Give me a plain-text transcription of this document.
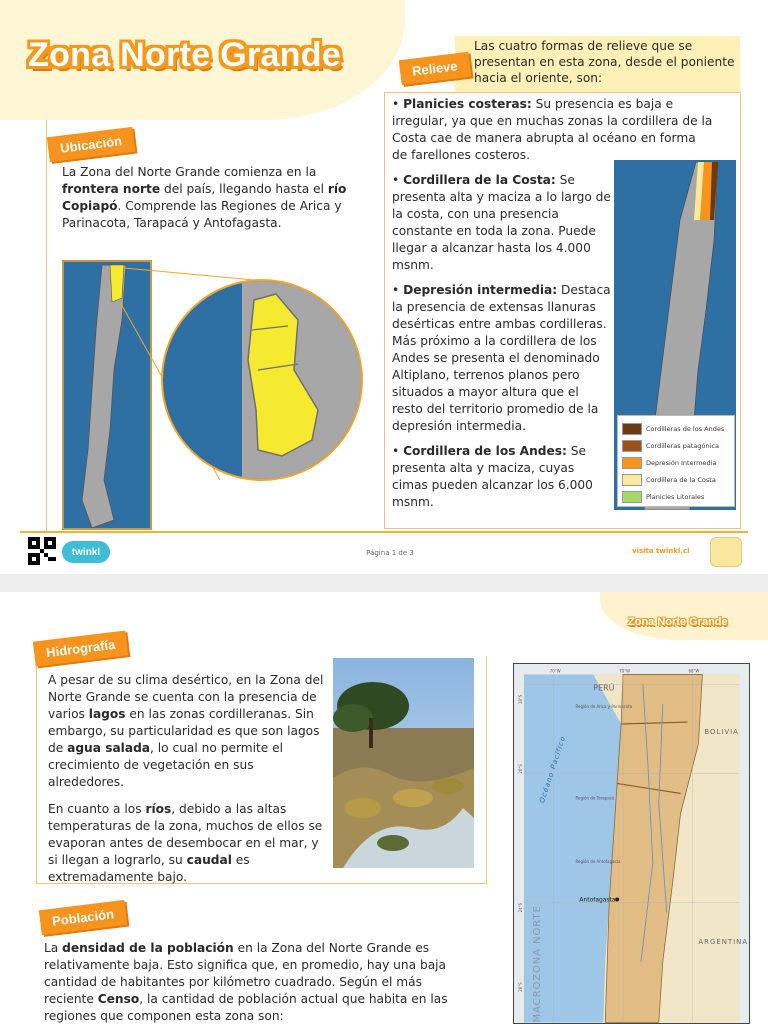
Zona Norte Grande
Ubicación
La Zona del Norte Grande comienza en la frontera norte del país, llegando hasta el río Copiapó. Comprende las Regiones de Arica y Parinacota, Tarapacá y Antofagasta.
Relieve
Las cuatro formas de relieve que se presentan en esta zona, desde el poniente hacia el oriente, son:
• Planicies costeras: Su presencia es baja e irregular, ya que en muchas zonas la cordillera de la Costa cae de manera abrupta al océano en forma de farellones costeros.
• Cordillera de la Costa: Se presenta alta y maciza a lo largo de la costa, con una presencia constante en toda la zona. Puede llegar a alcanzar hasta los 4.000 msnm.
• Depresión intermedia: Destaca la presencia de extensas llanuras desérticas entre ambas cordilleras. Más próximo a la cordillera de los Andes se presenta el denominado Altiplano, terrenos planos pero situados a mayor altura que el resto del territorio promedio de la depresión intermedia.
• Cordillera de los Andes: Se presenta alta y maciza, cuyas cimas pueden alcanzar los 6.000 msnm.
Cordilleras de los Andes
Cordilleras patagónica
Depresión Intermedia
Cordillera de la Costa
Planicies Litorales
twinkl	Página 1 de 3	visita twinkl.cl
Zona Norte Grande
Hidrografía

A pesar de su clima desértico, en la Zona del Norte Grande se cuenta con la presencia de varios lagos en las zonas cordilleranas. Sin embargo, su particularidad es que son lagos de agua salada, lo cual no permite el crecimiento de vegetación en sus alrededores.

En cuanto a los ríos, debido a las altas temperaturas de la zona, muchos de ellos se evaporan antes de desembocar en el mar, y si llegan a lograrlo, su caudal es extremadamente bajo.

PERÚ
BOLIVIA
ARGENTINA
Océano Pacífico
MACROZONA NORTE
Región de Arica y Parinacota
Región de Tarapacá
Región de Antofagasta
Antofagasta
70°W	70°W	68°W
18°S
20°S
24°S
26°S
Población
La densidad de la población en la Zona del Norte Grande es relativamente baja. Esto significa que, en promedio, hay una baja cantidad de habitantes por kilómetro cuadrado. Según el más reciente Censo, la cantidad de población actual que habita en las regiones que componen esta zona son:
